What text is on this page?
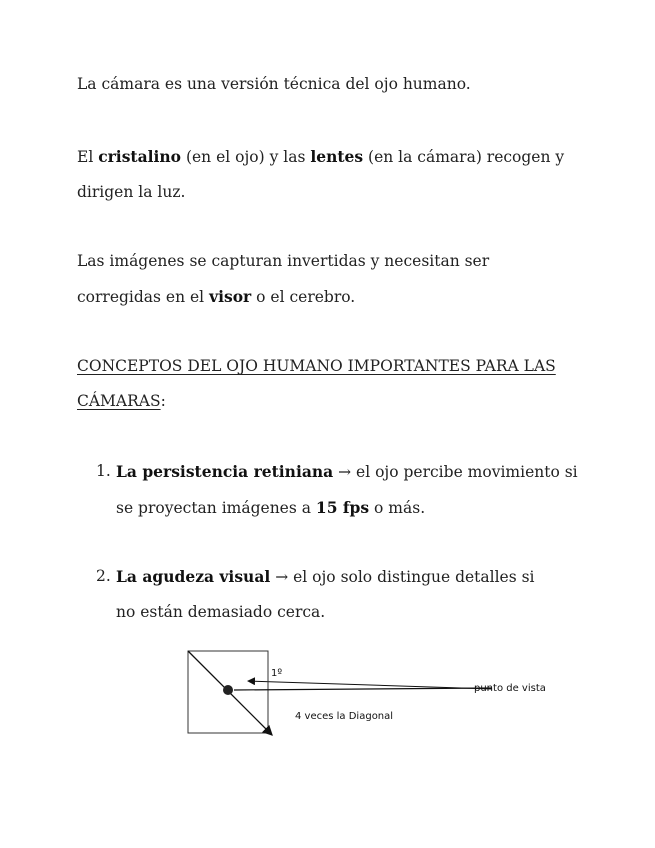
La cámara es una versión técnica del ojo humano.

El cristalino (en el ojo) y las lentes (en la cámara) recogen y dirigen la luz.

Las imágenes se capturan invertidas y necesitan ser corregidas en el visor o el cerebro.

CONCEPTOS DEL OJO HUMANO IMPORTANTES PARA LAS CÁMARAS:

1. La persistencia retiniana → el ojo percibe movimiento si se proyectan imágenes a 15 fps o más.
2. La agudeza visual → el ojo solo distingue detalles si no están demasiado cerca.
1º
4 veces la Diagonal
punto de vista
